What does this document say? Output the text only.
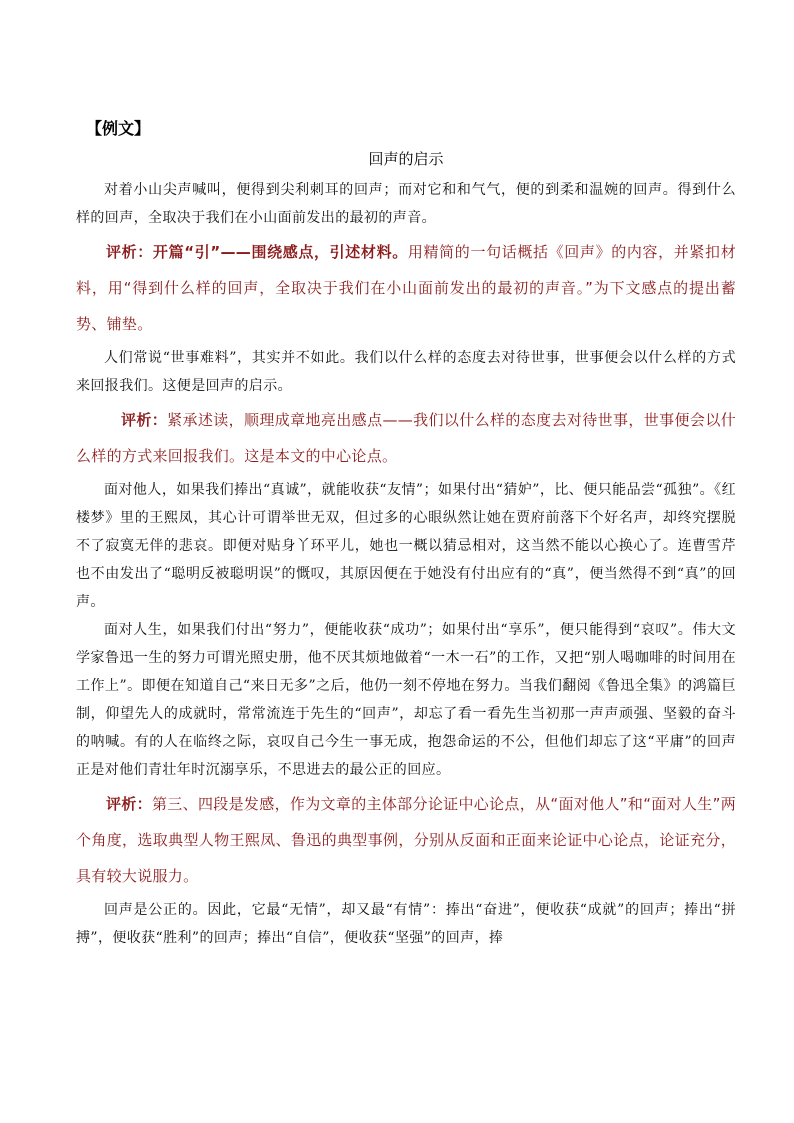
【例文】
回声的启示

对着小山尖声喊叫，便得到尖利刺耳的回声；而对它和和气气，便的到柔和温婉的回声。得到什么样的回声，全取决于我们在小山面前发出的最初的声音。

评析：开篇“引”——围绕感点，引述材料。用精简的一句话概括《回声》的内容，并紧扣材料，用“得到什么样的回声，全取决于我们在小山面前发出的最初的声音。”为下文感点的提出蓄势、铺垫。

人们常说“世事难料”，其实并不如此。我们以什么样的态度去对待世事，世事便会以什么样的方式来回报我们。这便是回声的启示。

评析：紧承述读，顺理成章地亮出感点——我们以什么样的态度去对待世事，世事便会以什么样的方式来回报我们。这是本文的中心论点。

面对他人，如果我们捧出“真诚”，就能收获“友情”；如果付出“猜妒”，比、便只能品尝“孤独”。《红楼梦》里的王熙凤，其心计可谓举世无双，但过多的心眼纵然让她在贾府前落下个好名声，却终究摆脱不了寂寞无伴的悲哀。即便对贴身丫环平儿，她也一概以猜忌相对，这当然不能以心换心了。连曹雪芹也不由发出了“聪明反被聪明误”的慨叹，其原因便在于她没有付出应有的“真”，便当然得不到“真”的回声。

面对人生，如果我们付出“努力”，便能收获“成功”；如果付出“享乐”，便只能得到“哀叹”。伟大文学家鲁迅一生的努力可谓光照史册，他不厌其烦地做着“一木一石”的工作，又把“别人喝咖啡的时间用在工作上”。即便在知道自己“来日无多”之后，他仍一刻不停地在努力。当我们翻阅《鲁迅全集》的鸿篇巨制，仰望先人的成就时，常常流连于先生的“回声”，却忘了看一看先生当初那一声声顽强、坚毅的奋斗的呐喊。有的人在临终之际，哀叹自己今生一事无成，抱怨命运的不公，但他们却忘了这“平庸”的回声正是对他们青壮年时沉溺享乐，不思进去的最公正的回应。

评析：第三、四段是发感，作为文章的主体部分论证中心论点，从“面对他人”和“面对人生”两个角度，选取典型人物王熙凤、鲁迅的典型事例，分别从反面和正面来论证中心论点，论证充分，具有较大说服力。

回声是公正的。因此，它最“无情”，却又最“有情”：捧出“奋进”，便收获“成就”的回声；捧出“拼搏”，便收获“胜利”的回声；捧出“自信”，便收获“坚强”的回声，捧
